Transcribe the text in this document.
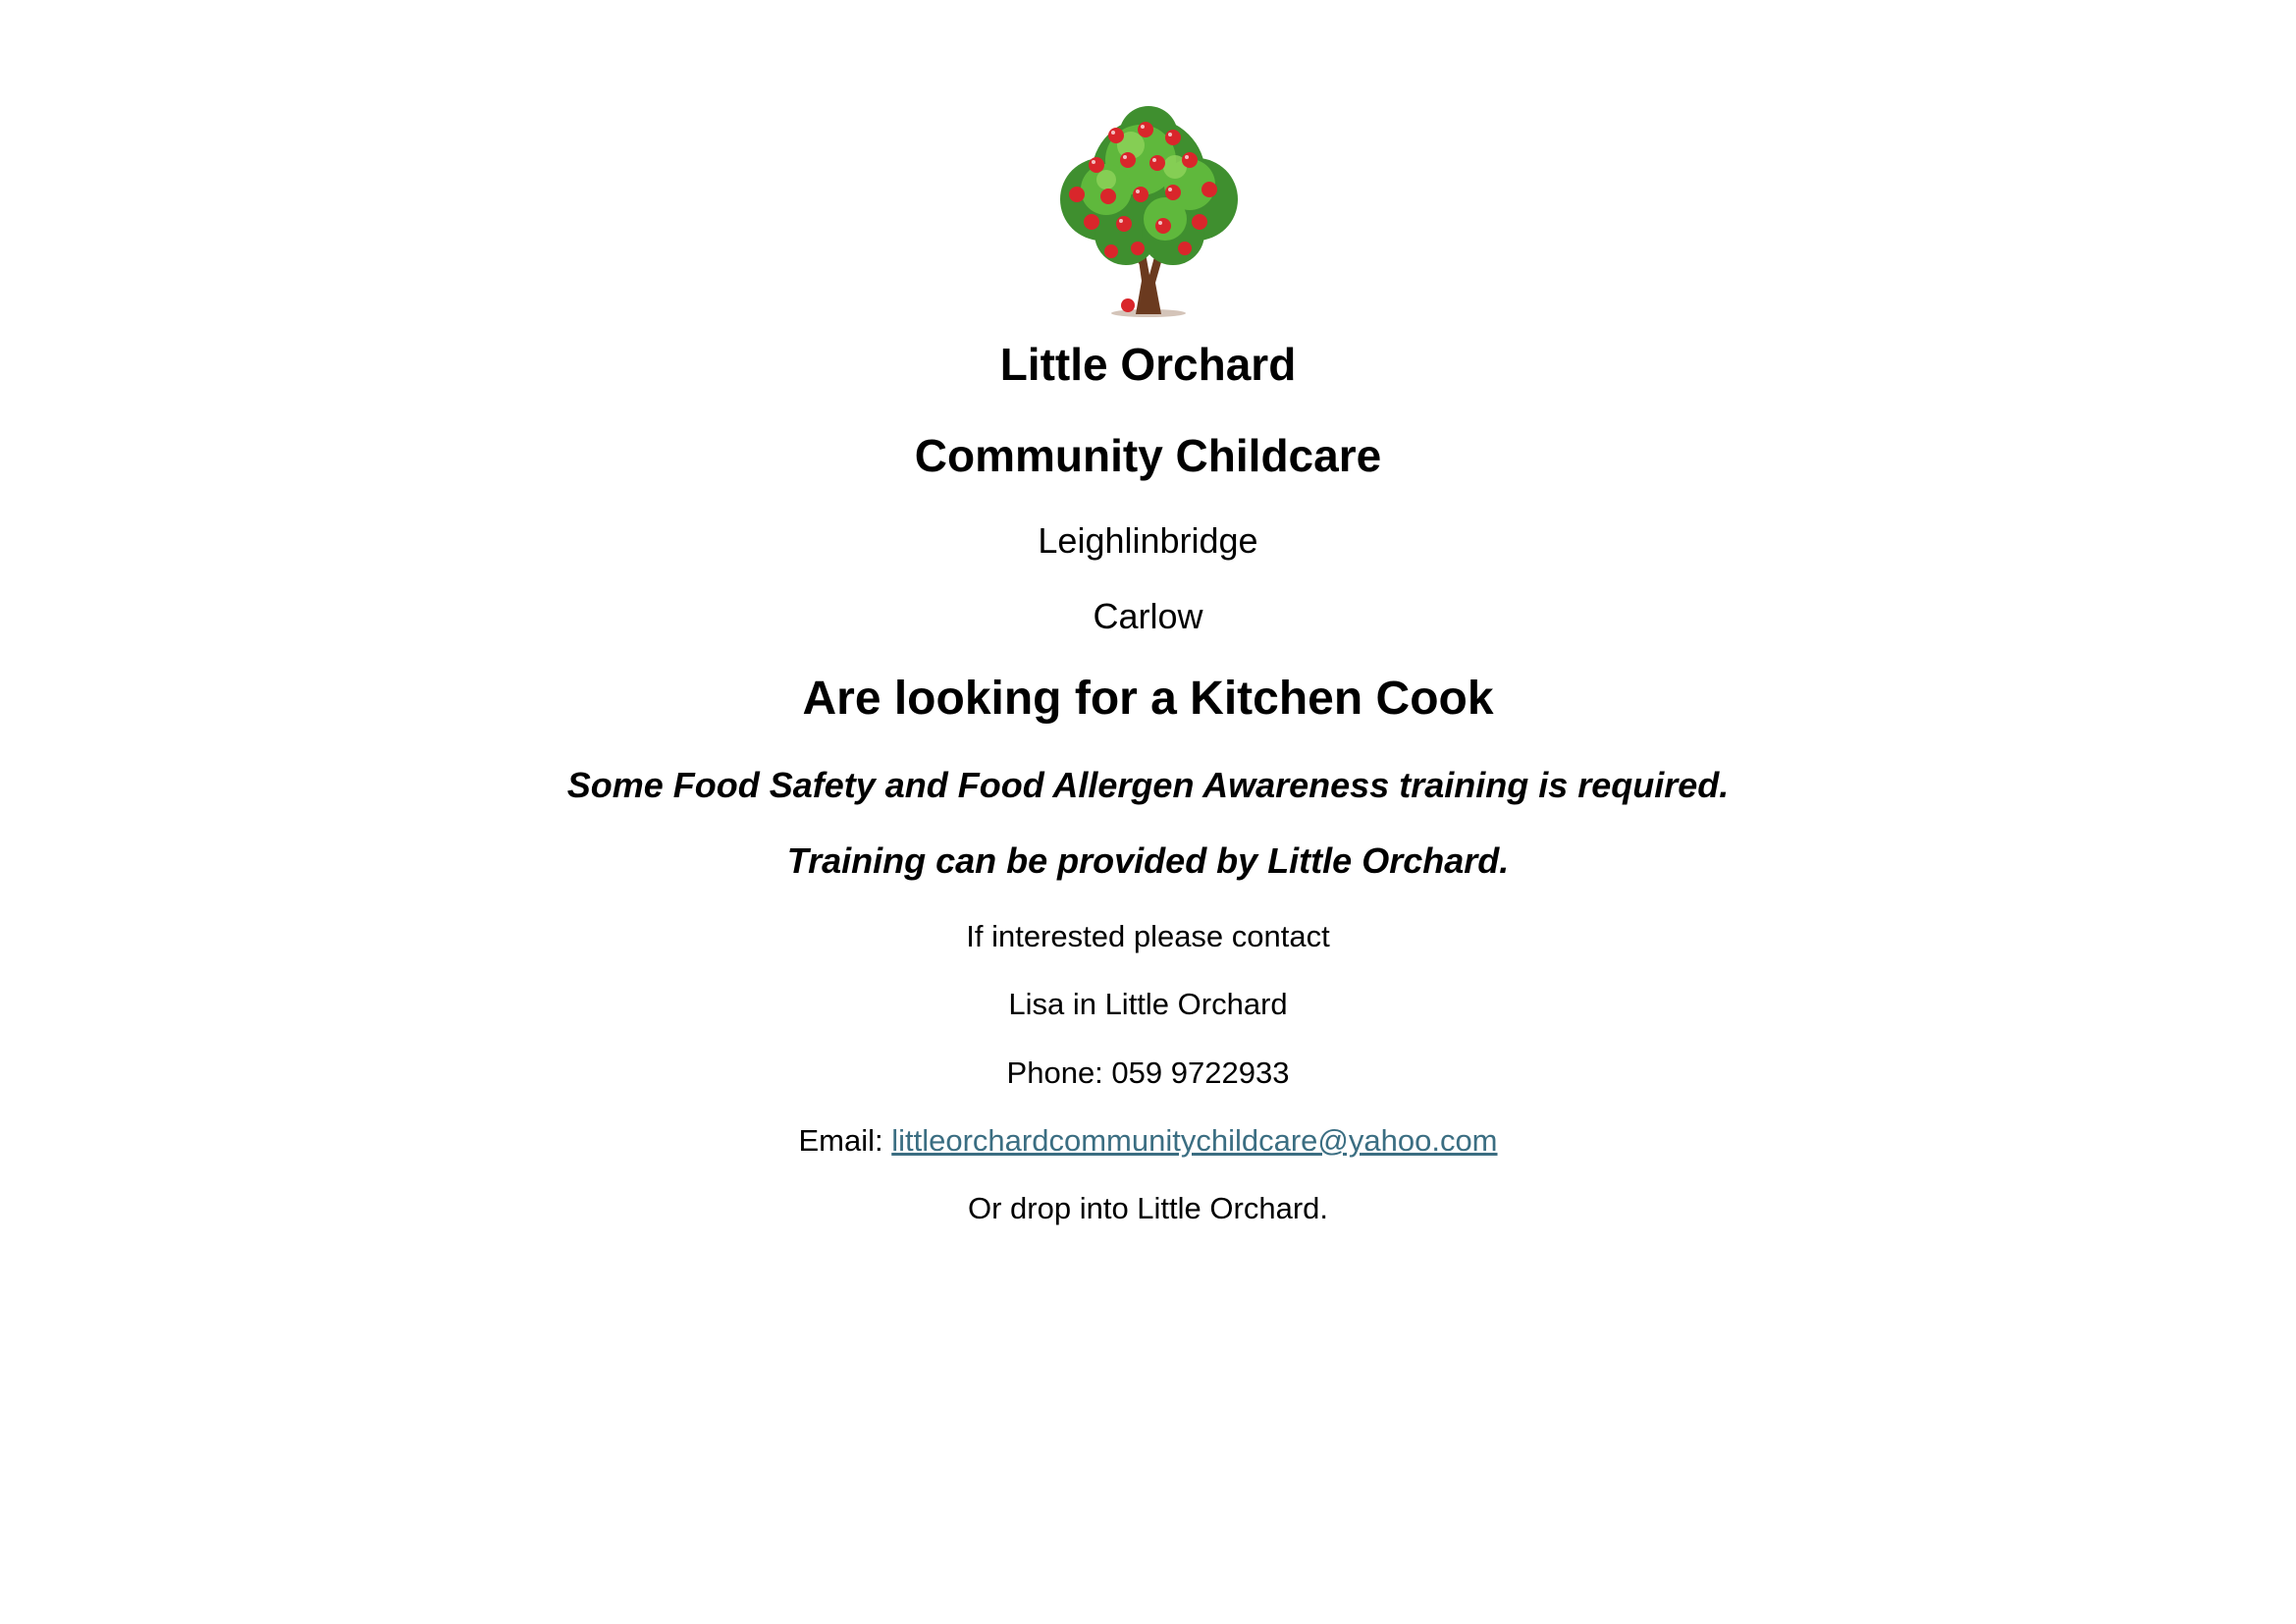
Little Orchard
Community Childcare
Leighlinbridge
Carlow
Are looking for a Kitchen Cook
Some Food Safety and Food Allergen Awareness training is required.
Training can be provided by Little Orchard.
If interested please contact
Lisa in Little Orchard
Phone: 059 9722933
Email: littleorchardcommunitychildcare@yahoo.com
Or drop into Little Orchard.
